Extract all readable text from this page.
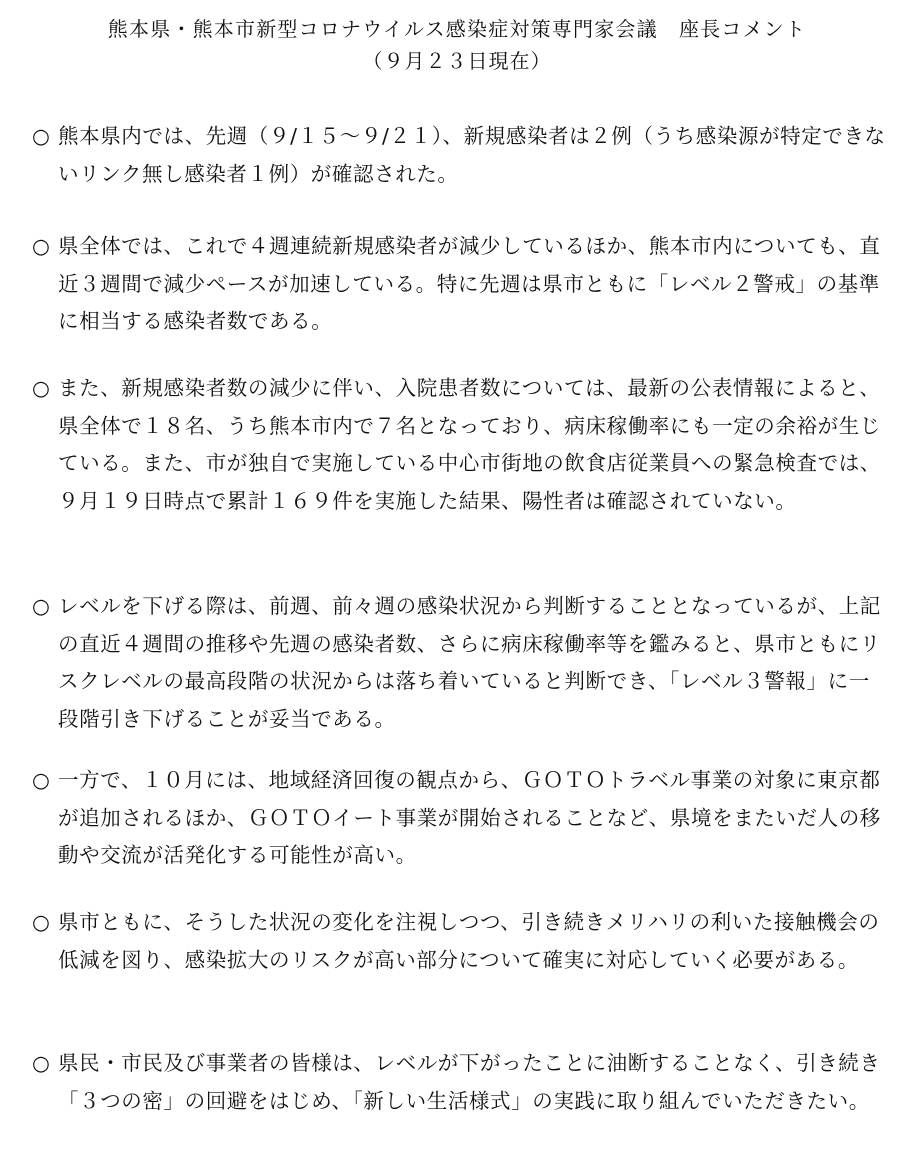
熊本県・熊本市新型コロナウイルス感染症対策専門家会議　座長コメント
（９月２３日現在）

○ 熊本県内では、先週（９/１５～９/２１）、新規感染者は２例（うち感染源が特定できないリンク無し感染者１例）が確認された。

○ 県全体では、これで４週連続新規感染者が減少しているほか、熊本市内についても、直近３週間で減少ペースが加速している。特に先週は県市ともに「レベル２警戒」の基準に相当する感染者数である。

○ また、新規感染者数の減少に伴い、入院患者数については、最新の公表情報によると、県全体で１８名、うち熊本市内で７名となっており、病床稼働率にも一定の余裕が生じている。また、市が独自で実施している中心市街地の飲食店従業員への緊急検査では、９月１９日時点で累計１６９件を実施した結果、陽性者は確認されていない。

○ レベルを下げる際は、前週、前々週の感染状況から判断することとなっているが、上記の直近４週間の推移や先週の感染者数、さらに病床稼働率等を鑑みると、県市ともにリスクレベルの最高段階の状況からは落ち着いていると判断でき、「レベル３警報」に一段階引き下げることが妥当である。

○ 一方で、１０月には、地域経済回復の観点から、ＧＯＴＯトラベル事業の対象に東京都が追加されるほか、ＧＯＴＯイート事業が開始されることなど、県境をまたいだ人の移動や交流が活発化する可能性が高い。

○ 県市ともに、そうした状況の変化を注視しつつ、引き続きメリハリの利いた接触機会の低減を図り、感染拡大のリスクが高い部分について確実に対応していく必要がある。

○ 県民・市民及び事業者の皆様は、レベルが下がったことに油断することなく、引き続き「３つの密」の回避をはじめ、「新しい生活様式」の実践に取り組んでいただきたい。
